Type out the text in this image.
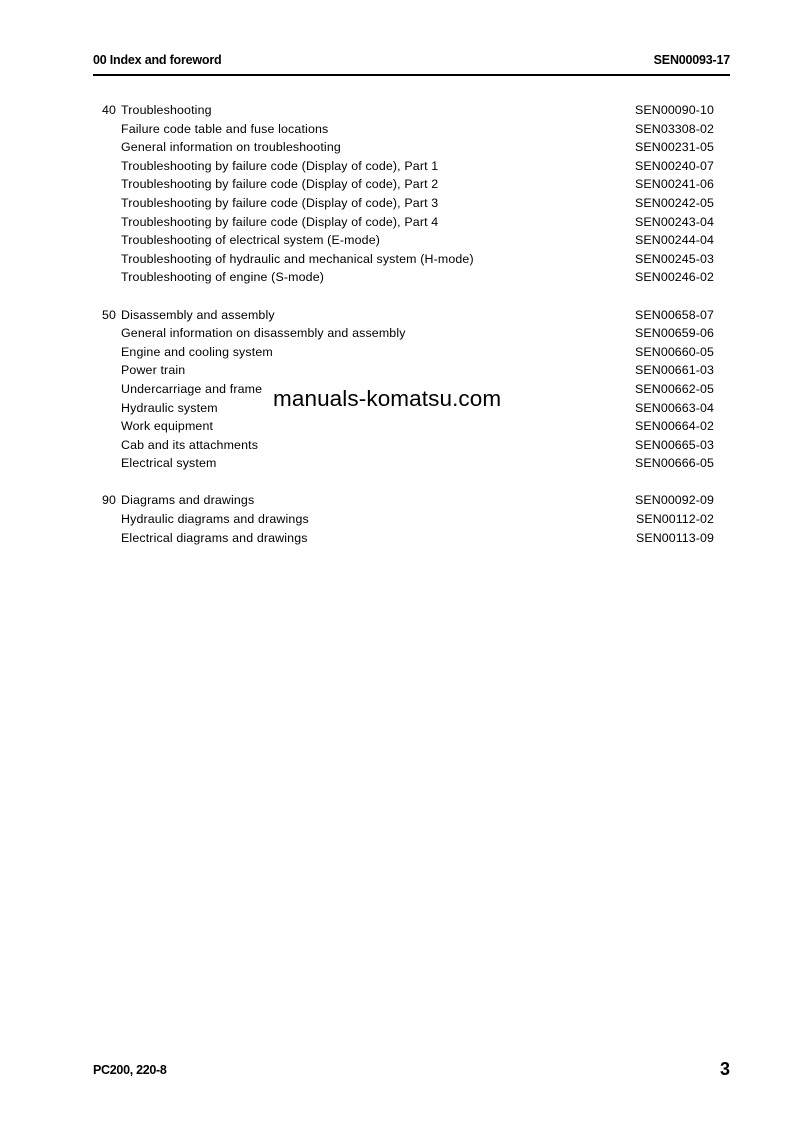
00 Index and foreword	SEN00093-17
40 Troubleshooting	SEN00090-10
Failure code table and fuse locations	SEN03308-02
General information on troubleshooting	SEN00231-05
Troubleshooting by failure code (Display of code), Part 1	SEN00240-07
Troubleshooting by failure code (Display of code), Part 2	SEN00241-06
Troubleshooting by failure code (Display of code), Part 3	SEN00242-05
Troubleshooting by failure code (Display of code), Part 4	SEN00243-04
Troubleshooting of electrical system (E-mode)	SEN00244-04
Troubleshooting of hydraulic and mechanical system (H-mode)	SEN00245-03
Troubleshooting of engine (S-mode)	SEN00246-02
50 Disassembly and assembly	SEN00658-07
General information on disassembly and assembly	SEN00659-06
Engine and cooling system	SEN00660-05
Power train	SEN00661-03
Undercarriage and frame	SEN00662-05
Hydraulic system	SEN00663-04
Work equipment	SEN00664-02
Cab and its attachments	SEN00665-03
Electrical system	SEN00666-05
90 Diagrams and drawings	SEN00092-09
Hydraulic diagrams and drawings	SEN00112-02
Electrical diagrams and drawings	SEN00113-09
manuals-komatsu.com
PC200, 220-8	3
